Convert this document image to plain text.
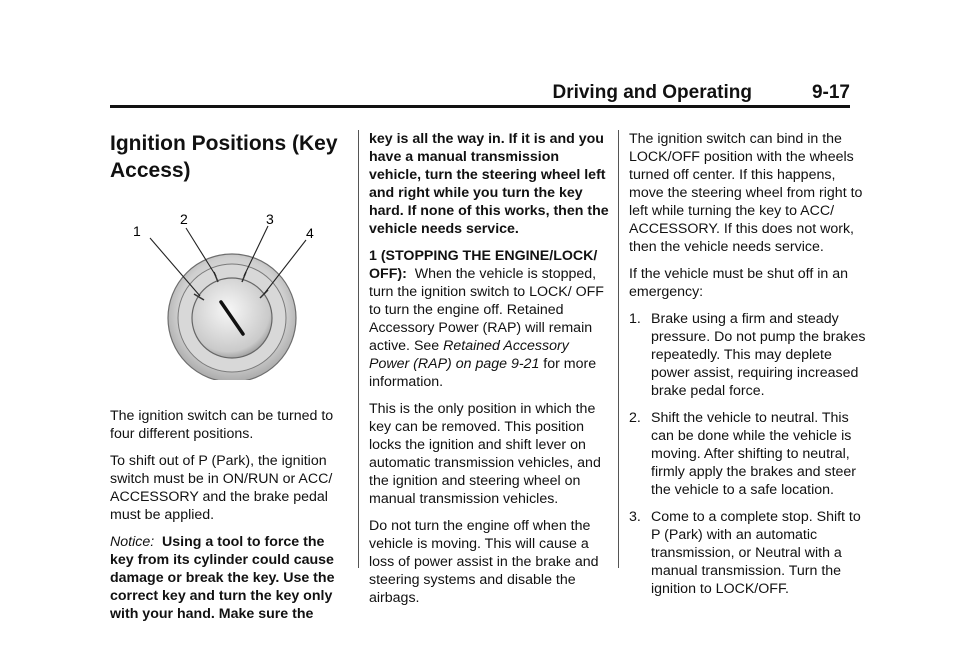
Driving and Operating	9-17
Ignition Positions (Key Access)
1
2	3
4

The ignition switch can be turned to four different positions.

To shift out of P (Park), the ignition switch must be in ON/RUN or ACC/ ACCESSORY and the brake pedal must be applied.

Notice: Using a tool to force the key from its cylinder could cause damage or break the key. Use the correct key and turn the key only with your hand. Make sure the

key is all the way in. If it is and you have a manual transmission vehicle, turn the steering wheel left and right while you turn the key hard. If none of this works, then the vehicle needs service.

1 (STOPPING THE ENGINE/LOCK/ OFF): When the vehicle is stopped, turn the ignition switch to LOCK/ OFF to turn the engine off. Retained Accessory Power (RAP) will remain active. See Retained Accessory Power (RAP) on page 9-21 for more information.

This is the only position in which the key can be removed. This position locks the ignition and shift lever on automatic transmission vehicles, and the ignition and steering wheel on manual transmission vehicles.

Do not turn the engine off when the vehicle is moving. This will cause a loss of power assist in the brake and steering systems and disable the airbags.

The ignition switch can bind in the LOCK/OFF position with the wheels turned off center. If this happens, move the steering wheel from right to left while turning the key to ACC/ ACCESSORY. If this does not work, then the vehicle needs service.

If the vehicle must be shut off in an emergency:

1. Brake using a firm and steady pressure. Do not pump the brakes repeatedly. This may deplete power assist, requiring increased brake pedal force.
2. Shift the vehicle to neutral. This can be done while the vehicle is moving. After shifting to neutral, firmly apply the brakes and steer the vehicle to a safe location.
3. Come to a complete stop. Shift to P (Park) with an automatic transmission, or Neutral with a manual transmission. Turn the ignition to LOCK/OFF.
